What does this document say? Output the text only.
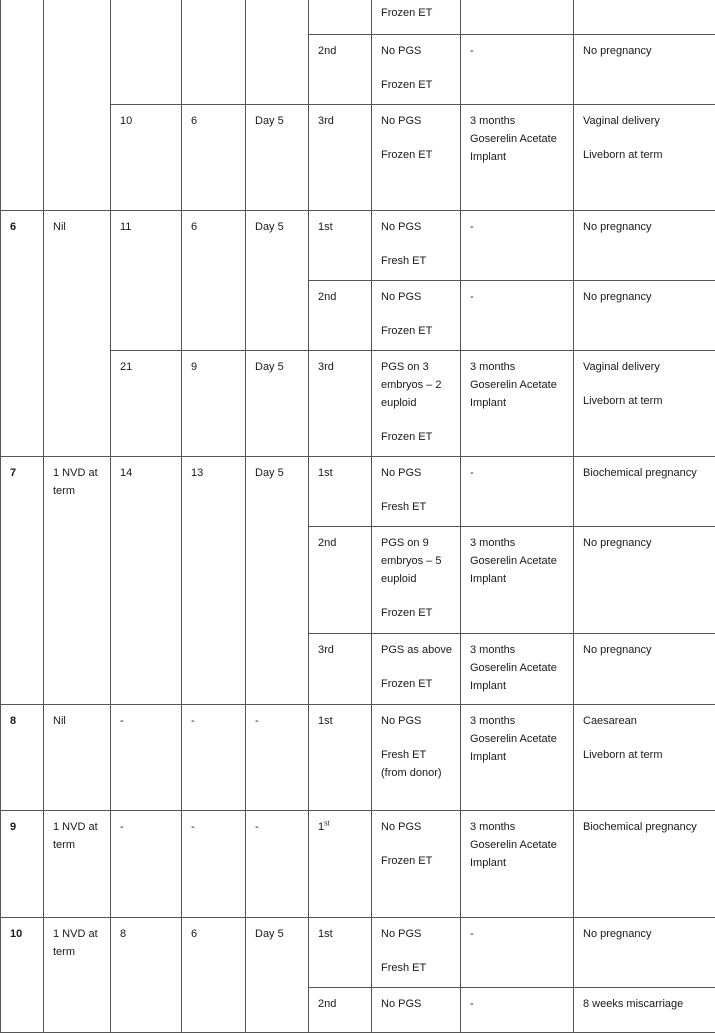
						Frozen ET		

					2nd	No PGS
Frozen ET	-	No pregnancy

		10	6	Day 5	3rd	No PGS
Frozen ET	3 months
Goserelin Acetate
Implant	Vaginal delivery
Liveborn at term

6	Nil	11	6	Day 5	1st	No PGS
Fresh ET	-	No pregnancy

					2nd	No PGS
Frozen ET	-	No pregnancy

		21	9	Day 5	3rd	PGS on 3 embryos – 2 euploid
Frozen ET	3 months
Goserelin Acetate
Implant	Vaginal delivery
Liveborn at term

7	1 NVD at term	14	13	Day 5	1st	No PGS
Fresh ET	-	Biochemical pregnancy

					2nd	PGS on 9 embryos – 5 euploid
Frozen ET	3 months
Goserelin Acetate
Implant	No pregnancy

					3rd	PGS as above
Frozen ET	3 months
Goserelin Acetate
Implant	No pregnancy

8	Nil	-	-	-	1st	No PGS
Fresh ET (from donor)	3 months
Goserelin Acetate
Implant	Caesarean
Liveborn at term

9	1 NVD at term	-	-	-	1st	No PGS
Frozen ET	3 months
Goserelin Acetate
Implant	Biochemical pregnancy

10	1 NVD at term	8	6	Day 5	1st	No PGS
Fresh ET	-	No pregnancy

					2nd	No PGS	-	8 weeks miscarriage
